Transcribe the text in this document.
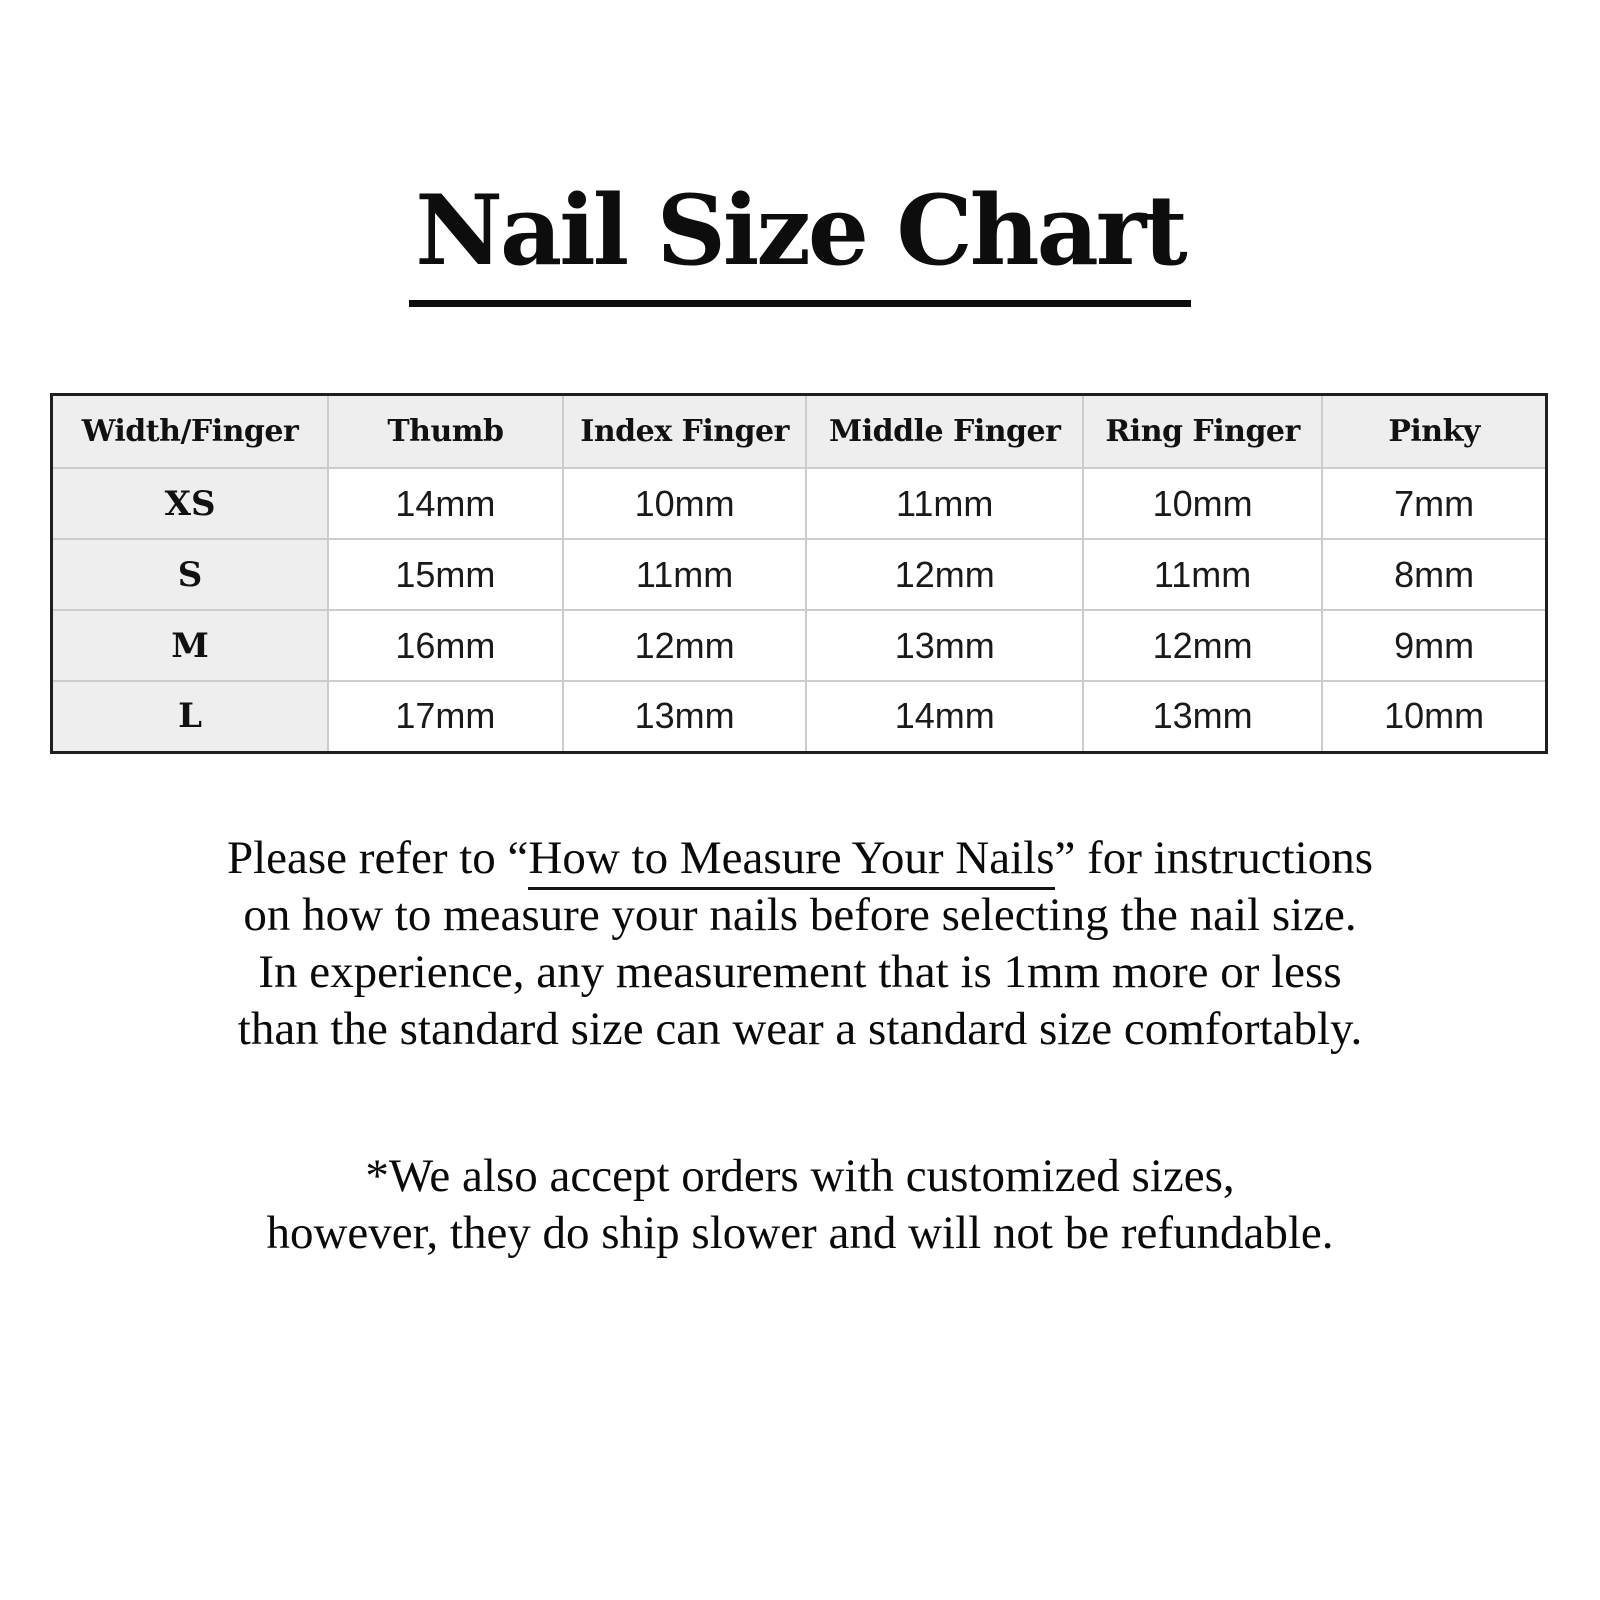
Nail Size Chart
Width/Finger	Thumb	Index Finger	Middle Finger	Ring Finger	Pinky
XS	14mm	10mm	11mm	10mm	7mm
S	15mm	11mm	12mm	11mm	8mm
M	16mm	12mm	13mm	12mm	9mm
L	17mm	13mm	14mm	13mm	10mm
Please refer to “How to Measure Your Nails” for instructions
on how to measure your nails before selecting the nail size.
In experience, any measurement that is 1mm more or less
than the standard size can wear a standard size comfortably.
*We also accept orders with customized sizes,
however, they do ship slower and will not be refundable.
